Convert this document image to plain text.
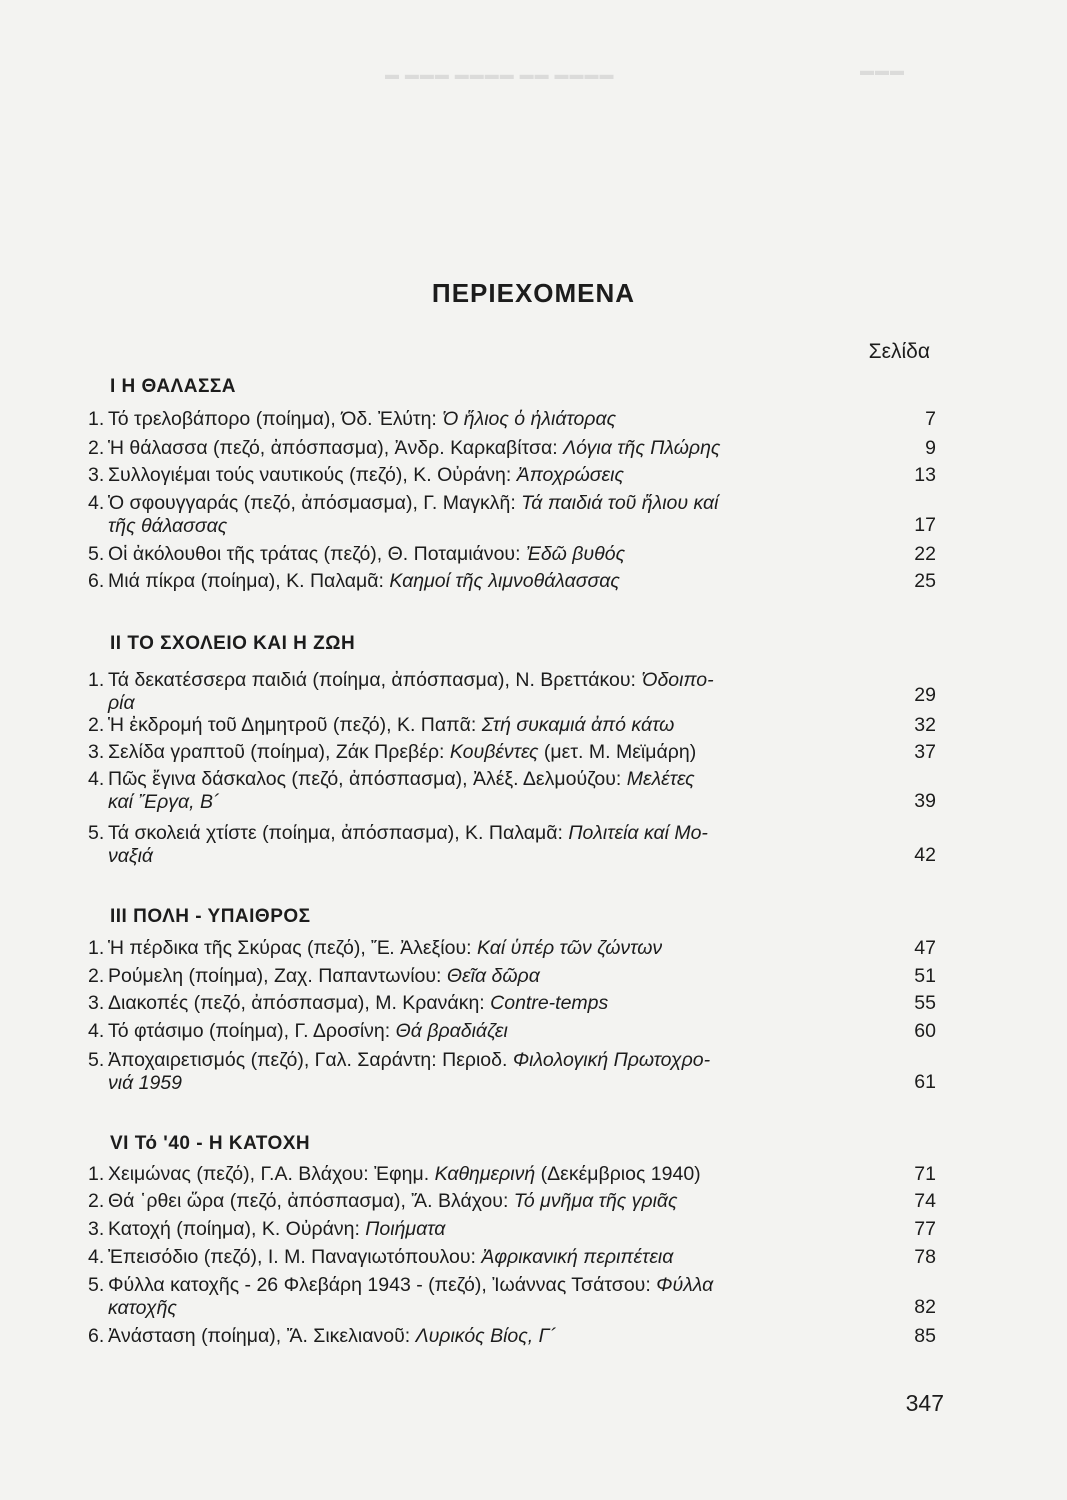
▬ ▬▬▬ ▬▬▬▬ ▬▬ ▬▬▬▬	▬▬▬
ΠΕΡΙΕΧΟΜΕΝΑ
Σελίδα
I Η ΘΑΛΑΣΣΑ
1. Τό τρελοβάπορο (ποίημα), Όδ. Ἐλύτη: Ὁ ἥλιος ὁ ἡλιάτορας	7
2. Ἡ θάλασσα (πεζό, ἀπόσπασμα), Ἀνδρ. Καρκαβίτσα: Λόγια τῆς Πλώρης	9
3. Συλλογιέμαι τούς ναυτικούς (πεζό), Κ. Οὐράνη: Ἀποχρώσεις	13
4. Ὁ σφουγγαράς (πεζό, ἀπόσμασμα), Γ. Μαγκλῆ: Τά παιδιά τοῦ ἥλιου καί
τῆς θάλασσας	17
5. Οἱ ἀκόλουθοι τῆς τράτας (πεζό), Θ. Ποταμιάνου: Ἐδῶ βυθός	22
6. Μιά πίκρα (ποίημα), Κ. Παλαμᾶ: Καημοί τῆς λιμνοθάλασσας	25
II ΤΟ ΣΧΟΛΕΙΟ ΚΑΙ Η ΖΩΗ
1. Τά δεκατέσσερα παιδιά (ποίημα, ἀπόσπασμα), Ν. Βρεττάκου: Ὁδοιπο-
ρία	29
2. Ἡ ἐκδρομή τοῦ Δημητροῦ (πεζό), Κ. Παπᾶ: Στή συκαμιά ἀπό κάτω	32
3. Σελίδα γραπτοῦ (ποίημα), Ζάκ Πρεβέρ: Κουβέντες (μετ. Μ. Μεϊμάρη)	37
4. Πῶς ἔγινα δάσκαλος (πεζό, ἀπόσπασμα), Ἀλέξ. Δελμούζου: Μελέτες
καί Ἔργα, Β´	39
5. Τά σκολειά χτίστε (ποίημα, ἀπόσπασμα), Κ. Παλαμᾶ: Πολιτεία καί Μο-
ναξιά	42
III ΠΟΛΗ - ΥΠΑΙΘΡΟΣ
1. Ἡ πέρδικα τῆς Σκύρας (πεζό), Ἔ. Ἀλεξίου: Καί ὑπέρ τῶν ζώντων	47
2. Ρούμελη (ποίημα), Ζαχ. Παπαντωνίου: Θεῖα δῶρα	51
3. Διακοπές (πεζό, ἀπόσπασμα), Μ. Κρανάκη: Contre-temps	55
4. Τό φτάσιμο (ποίημα), Γ. Δροσίνη: Θά βραδιάζει	60
5. Ἀποχαιρετισμός (πεζό), Γαλ. Σαράντη: Περιοδ. Φιλολογική Πρωτοχρο-
νιά 1959	61
VI Τό '40 - Η ΚΑΤΟΧΗ
1. Χειμώνας (πεζό), Γ.Α. Βλάχου: Ἐφημ. Καθημερινή (Δεκέμβριος 1940)	71
2. Θά ῾ρθει ὥρα (πεζό, ἀπόσπασμα), Ἄ. Βλάχου: Τό μνῆμα τῆς γριᾶς	74
3. Κατοχή (ποίημα), Κ. Οὐράνη: Ποιήματα	77
4. Ἐπεισόδιο (πεζό), Ι. Μ. Παναγιωτόπουλου: Ἀφρικανική περιπέτεια	78
5. Φύλλα κατοχῆς - 26 Φλεβάρη 1943 - (πεζό), Ἰωάννας Τσάτσου: Φύλλα
κατοχῆς	82
6. Ἀνάσταση (ποίημα), Ἄ. Σικελιανοῦ: Λυρικός Βίος, Γ´	85
347
